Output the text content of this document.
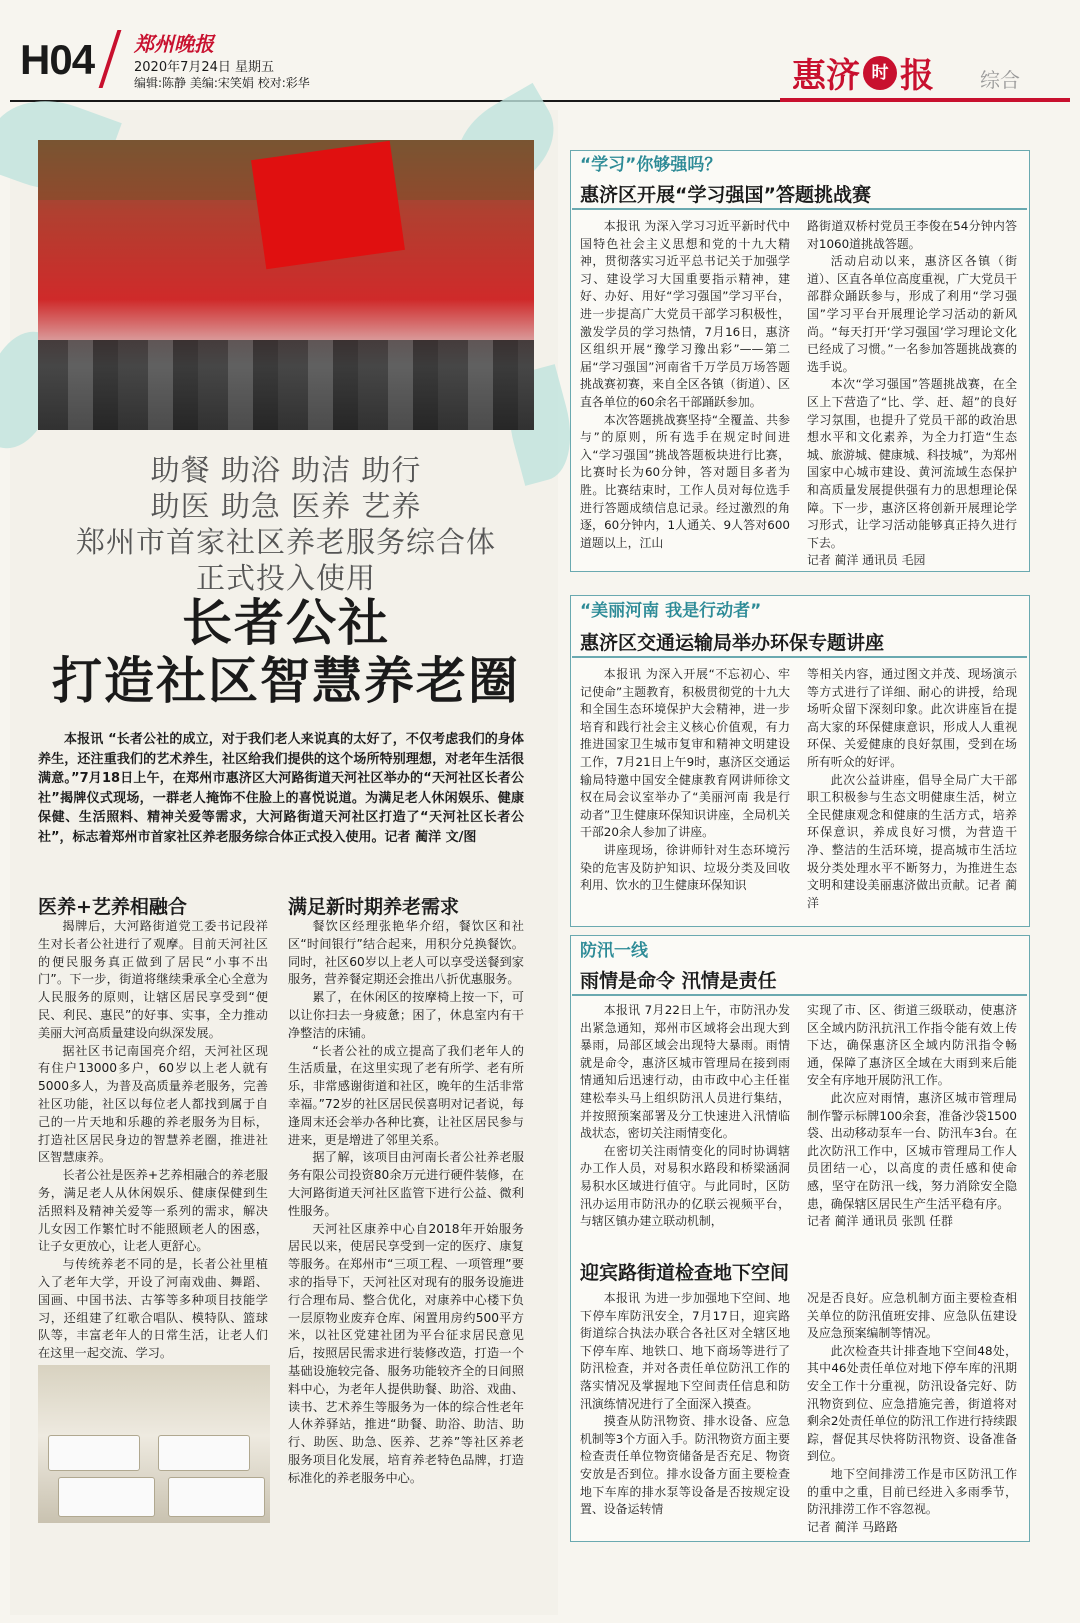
H04 郑州晚报
2020年7月24日 星期五
编辑:陈静 美编:宋笑娟 校对:彩华	惠济 时 报 综合
助餐 助浴 助洁 助行
助医 助急 医养 艺养
郑州市首家社区养老服务综合体
正式投入使用
长者公社
打造社区智慧养老圈
本报讯 “长者公社的成立，对于我们老人来说真的太好了，不仅考虑我们的身体养生，还注重我们的艺术养生，社区给我们提供的这个场所特别理想，对老年生活很满意。”7月18日上午，在郑州市惠济区大河路街道天河社区举办的“天河社区长者公社”揭牌仪式现场，一群老人掩饰不住脸上的喜悦说道。为满足老人休闲娱乐、健康保健、生活照料、精神关爱等需求，大河路街道天河社区打造了“天河社区长者公社”，标志着郑州市首家社区养老服务综合体正式投入使用。记者 蔺洋 文/图
医养+艺养相融合

揭牌后，大河路街道党工委书记段祥生对长者公社进行了观摩。目前天河社区的便民服务真正做到了居民“小事不出门”。下一步，街道将继续秉承全心全意为人民服务的原则，让辖区居民享受到“便民、利民、惠民”的好事、实事，全力推动美丽大河高质量建设向纵深发展。

据社区书记南国亮介绍，天河社区现有住户13000多户，60岁以上老人就有5000多人，为普及高质量养老服务，完善社区功能，社区以每位老人都找到属于自己的一片天地和乐趣的养老服务为目标，打造社区居民身边的智慧养老圈，推进社区智慧康养。

长者公社是医养+艺养相融合的养老服务，满足老人从休闲娱乐、健康保健到生活照料及精神关爱等一系列的需求，解决儿女因工作繁忙时不能照顾老人的困惑，让子女更放心，让老人更舒心。

与传统养老不同的是，长者公社里植入了老年大学，开设了河南戏曲、舞蹈、国画、中国书法、古筝等多种项目技能学习，还组建了红歌合唱队、模特队、篮球队等，丰富老年人的日常生活，让老人们在这里一起交流、学习。

满足新时期养老需求

餐饮区经理张艳华介绍，餐饮区和社区“时间银行”结合起来，用积分兑换餐饮。同时，社区60岁以上老人可以享受送餐到家服务，营养餐定期还会推出八折优惠服务。

累了，在休闲区的按摩椅上按一下，可以让你扫去一身疲惫；困了，休息室内有干净整洁的床铺。

“长者公社的成立提高了我们老年人的生活质量，在这里实现了老有所学、老有所乐，非常感谢街道和社区，晚年的生活非常幸福。”72岁的社区居民侯喜明对记者说，每逢周末还会举办各种比赛，让社区居民参与进来，更是增进了邻里关系。

据了解，该项目由河南长者公社养老服务有限公司投资80余万元进行硬件装修，在大河路街道天河社区监管下进行公益、微利性服务。

天河社区康养中心自2018年开始服务居民以来，使居民享受到一定的医疗、康复等服务。在郑州市“三项工程、一项管理”要求的指导下，天河社区对现有的服务设施进行合理布局、整合优化，对康养中心楼下负一层原物业废弃仓库、闲置用房约500平方米，以社区党建社团为平台征求居民意见后，按照居民需求进行装修改造，打造一个基础设施较完备、服务功能较齐全的日间照料中心，为老年人提供助餐、助浴、戏曲、读书、艺术养生等服务为一体的综合性老年人休养驿站，推进“助餐、助浴、助洁、助行、助医、助急、医养、艺养”等社区养老服务项目化发展，培育养老特色品牌，打造标准化的养老服务中心。

“学习”你够强吗？
惠济区开展“学习强国”答题挑战赛

本报讯 为深入学习习近平新时代中国特色社会主义思想和党的十九大精神，贯彻落实习近平总书记关于加强学习、建设学习大国重要指示精神，建好、办好、用好“学习强国”学习平台，进一步提高广大党员干部学习积极性，激发学员的学习热情，7月16日，惠济区组织开展“豫学习豫出彩”——第二届“学习强国”河南省千万学员万场答题挑战赛初赛，来自全区各镇（街道）、区直各单位的60余名干部踊跃参加。

本次答题挑战赛坚持“全覆盖、共参与”的原则，所有选手在规定时间进入“学习强国”挑战答题板块进行比赛，比赛时长为60分钟，答对题目多者为胜。比赛结束时，工作人员对每位选手进行答题成绩信息记录。经过激烈的角逐，60分钟内，1人通关、9人答对600道题以上，江山

路街道双桥村党员王李俊在54分钟内答对1060道挑战答题。

活动启动以来，惠济区各镇（街道）、区直各单位高度重视，广大党员干部群众踊跃参与，形成了利用“学习强国”学习平台开展理论学习活动的新风尚。“每天打开‘学习强国’学习理论文化已经成了习惯。”一名参加答题挑战赛的选手说。

本次“学习强国”答题挑战赛，在全区上下营造了“比、学、赶、超”的良好学习氛围，也提升了党员干部的政治思想水平和文化素养，为全力打造“生态城、旅游城、健康城、科技城”，为郑州国家中心城市建设、黄河流域生态保护和高质量发展提供强有力的思想理论保障。下一步，惠济区将创新开展理论学习形式，让学习活动能够真正持久进行下去。

记者 蔺洋 通讯员 毛园

“美丽河南 我是行动者”
惠济区交通运输局举办环保专题讲座

本报讯 为深入开展“不忘初心、牢记使命”主题教育，积极贯彻党的十九大和全国生态环境保护大会精神，进一步培育和践行社会主义核心价值观，有力推进国家卫生城市复审和精神文明建设工作，7月21日上午9时，惠济区交通运输局特邀中国安全健康教育网讲师徐文权在局会议室举办了“美丽河南 我是行动者”卫生健康环保知识讲座，全局机关干部20余人参加了讲座。

讲座现场，徐讲师针对生态环境污染的危害及防护知识、垃圾分类及回收利用、饮水的卫生健康环保知识

等相关内容，通过图文并茂、现场演示等方式进行了详细、耐心的讲授，给现场听众留下深刻印象。此次讲座旨在提高大家的环保健康意识，形成人人重视环保、关爱健康的良好氛围，受到在场所有听众的好评。

此次公益讲座，倡导全局广大干部职工积极参与生态文明健康生活，树立全民健康观念和健康的生活方式，培养环保意识，养成良好习惯，为营造干净、整洁的生活环境，提高城市生活垃圾分类处理水平不断努力，为推进生态文明和建设美丽惠济做出贡献。记者 蔺洋

防汛一线
雨情是命令 汛情是责任

本报讯 7月22日上午，市防汛办发出紧急通知，郑州市区域将会出现大到暴雨，局部区域会出现特大暴雨。雨情就是命令，惠济区城市管理局在接到雨情通知后迅速行动，由市政中心主任崔建松奉头马上组织防汛人员进行集结，并按照预案部署及分工快速进入汛情临战状态，密切关注雨情变化。

在密切关注雨情变化的同时协调辖办工作人员，对易积水路段和桥梁涵洞易积水区域进行值守。与此同时，区防汛办运用市防汛办的亿联云视频平台，与辖区镇办建立联动机制，

实现了市、区、街道三级联动，使惠济区全域内防汛抗汛工作指令能有效上传下达，确保惠济区全域内防汛指令畅通，保障了惠济区全域在大雨到来后能安全有序地开展防汛工作。

此次应对雨情，惠济区城市管理局制作警示标牌100余套，准备沙袋1500袋、出动移动泵车一台、防汛车3台。在此次防汛工作中，区城市管理局工作人员团结一心，以高度的责任感和使命感，坚守在防汛一线，努力消除安全隐患，确保辖区居民生产生活平稳有序。

记者 蔺洋 通讯员 张凯 任群

迎宾路街道检查地下空间

本报讯 为进一步加强地下空间、地下停车库防汛安全，7月17日，迎宾路街道综合执法办联合各社区对全辖区地下停车库、地铁口、地下商场等进行了防汛检查，并对各责任单位防汛工作的落实情况及掌握地下空间责任信息和防汛演练情况进行了全面深入摸查。

摸查从防汛物资、排水设备、应急机制等3个方面入手。防汛物资方面主要检查责任单位物资储备是否充足、物资安放是否到位。排水设备方面主要检查地下车库的排水泵等设备是否按规定设置、设备运转情

况是否良好。应急机制方面主要检查相关单位的防汛值班安排、应急队伍建设及应急预案编制等情况。

此次检查共计排查地下空间48处，其中46处责任单位对地下停车库的汛期安全工作十分重视，防汛设备完好、防汛物资到位、应急措施完善，街道将对剩余2处责任单位的防汛工作进行持续跟踪，督促其尽快将防汛物资、设备准备到位。

地下空间排涝工作是市区防汛工作的重中之重，目前已经进入多雨季节，防汛排涝工作不容忽视。

记者 蔺洋 马路路
